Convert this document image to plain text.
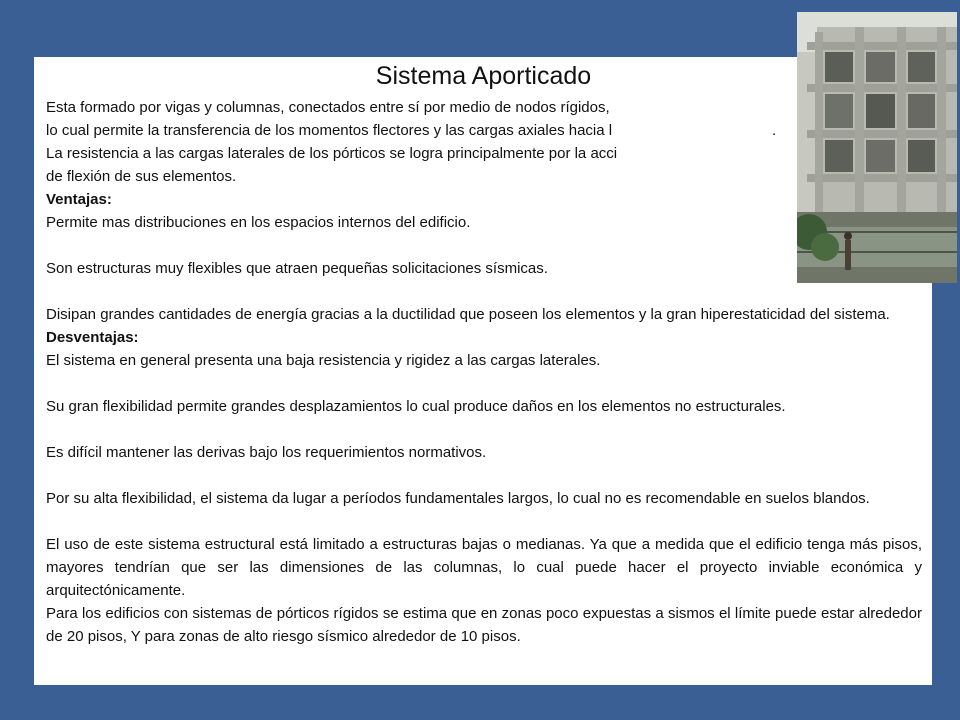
Sistema Aporticado

Esta formado por vigas y columnas, conectados entre sí por medio de nodos rígidos,

lo cual permite la transferencia de los momentos flectores y las cargas axiales hacia l	.

La resistencia a las cargas laterales de los pórticos se logra principalmente por la acci

de flexión de sus elementos.

Ventajas:

Permite mas distribuciones en los espacios internos del edificio.

Son estructuras muy flexibles que atraen pequeñas solicitaciones sísmicas.

Disipan grandes cantidades de energía gracias a la ductilidad que poseen los elementos y la gran hiperestaticidad del sistema.

Desventajas:

El sistema en general presenta una baja resistencia y rigidez a las cargas laterales.

Su gran flexibilidad permite grandes desplazamientos lo cual produce daños en los elementos no estructurales.

Es difícil mantener las derivas bajo los requerimientos normativos.

Por su alta flexibilidad, el sistema da lugar a períodos fundamentales largos, lo cual no es recomendable en suelos blandos.

El uso de este sistema estructural está limitado a estructuras bajas o medianas. Ya que a medida que el edificio tenga más pisos, mayores tendrían que ser las dimensiones de las columnas, lo cual puede hacer el proyecto inviable económica y arquitectónicamente.

Para los edificios con sistemas de pórticos rígidos se estima que en zonas poco expuestas a sismos el límite puede estar alrededor de 20 pisos, Y para zonas de alto riesgo sísmico alrededor de 10 pisos.
